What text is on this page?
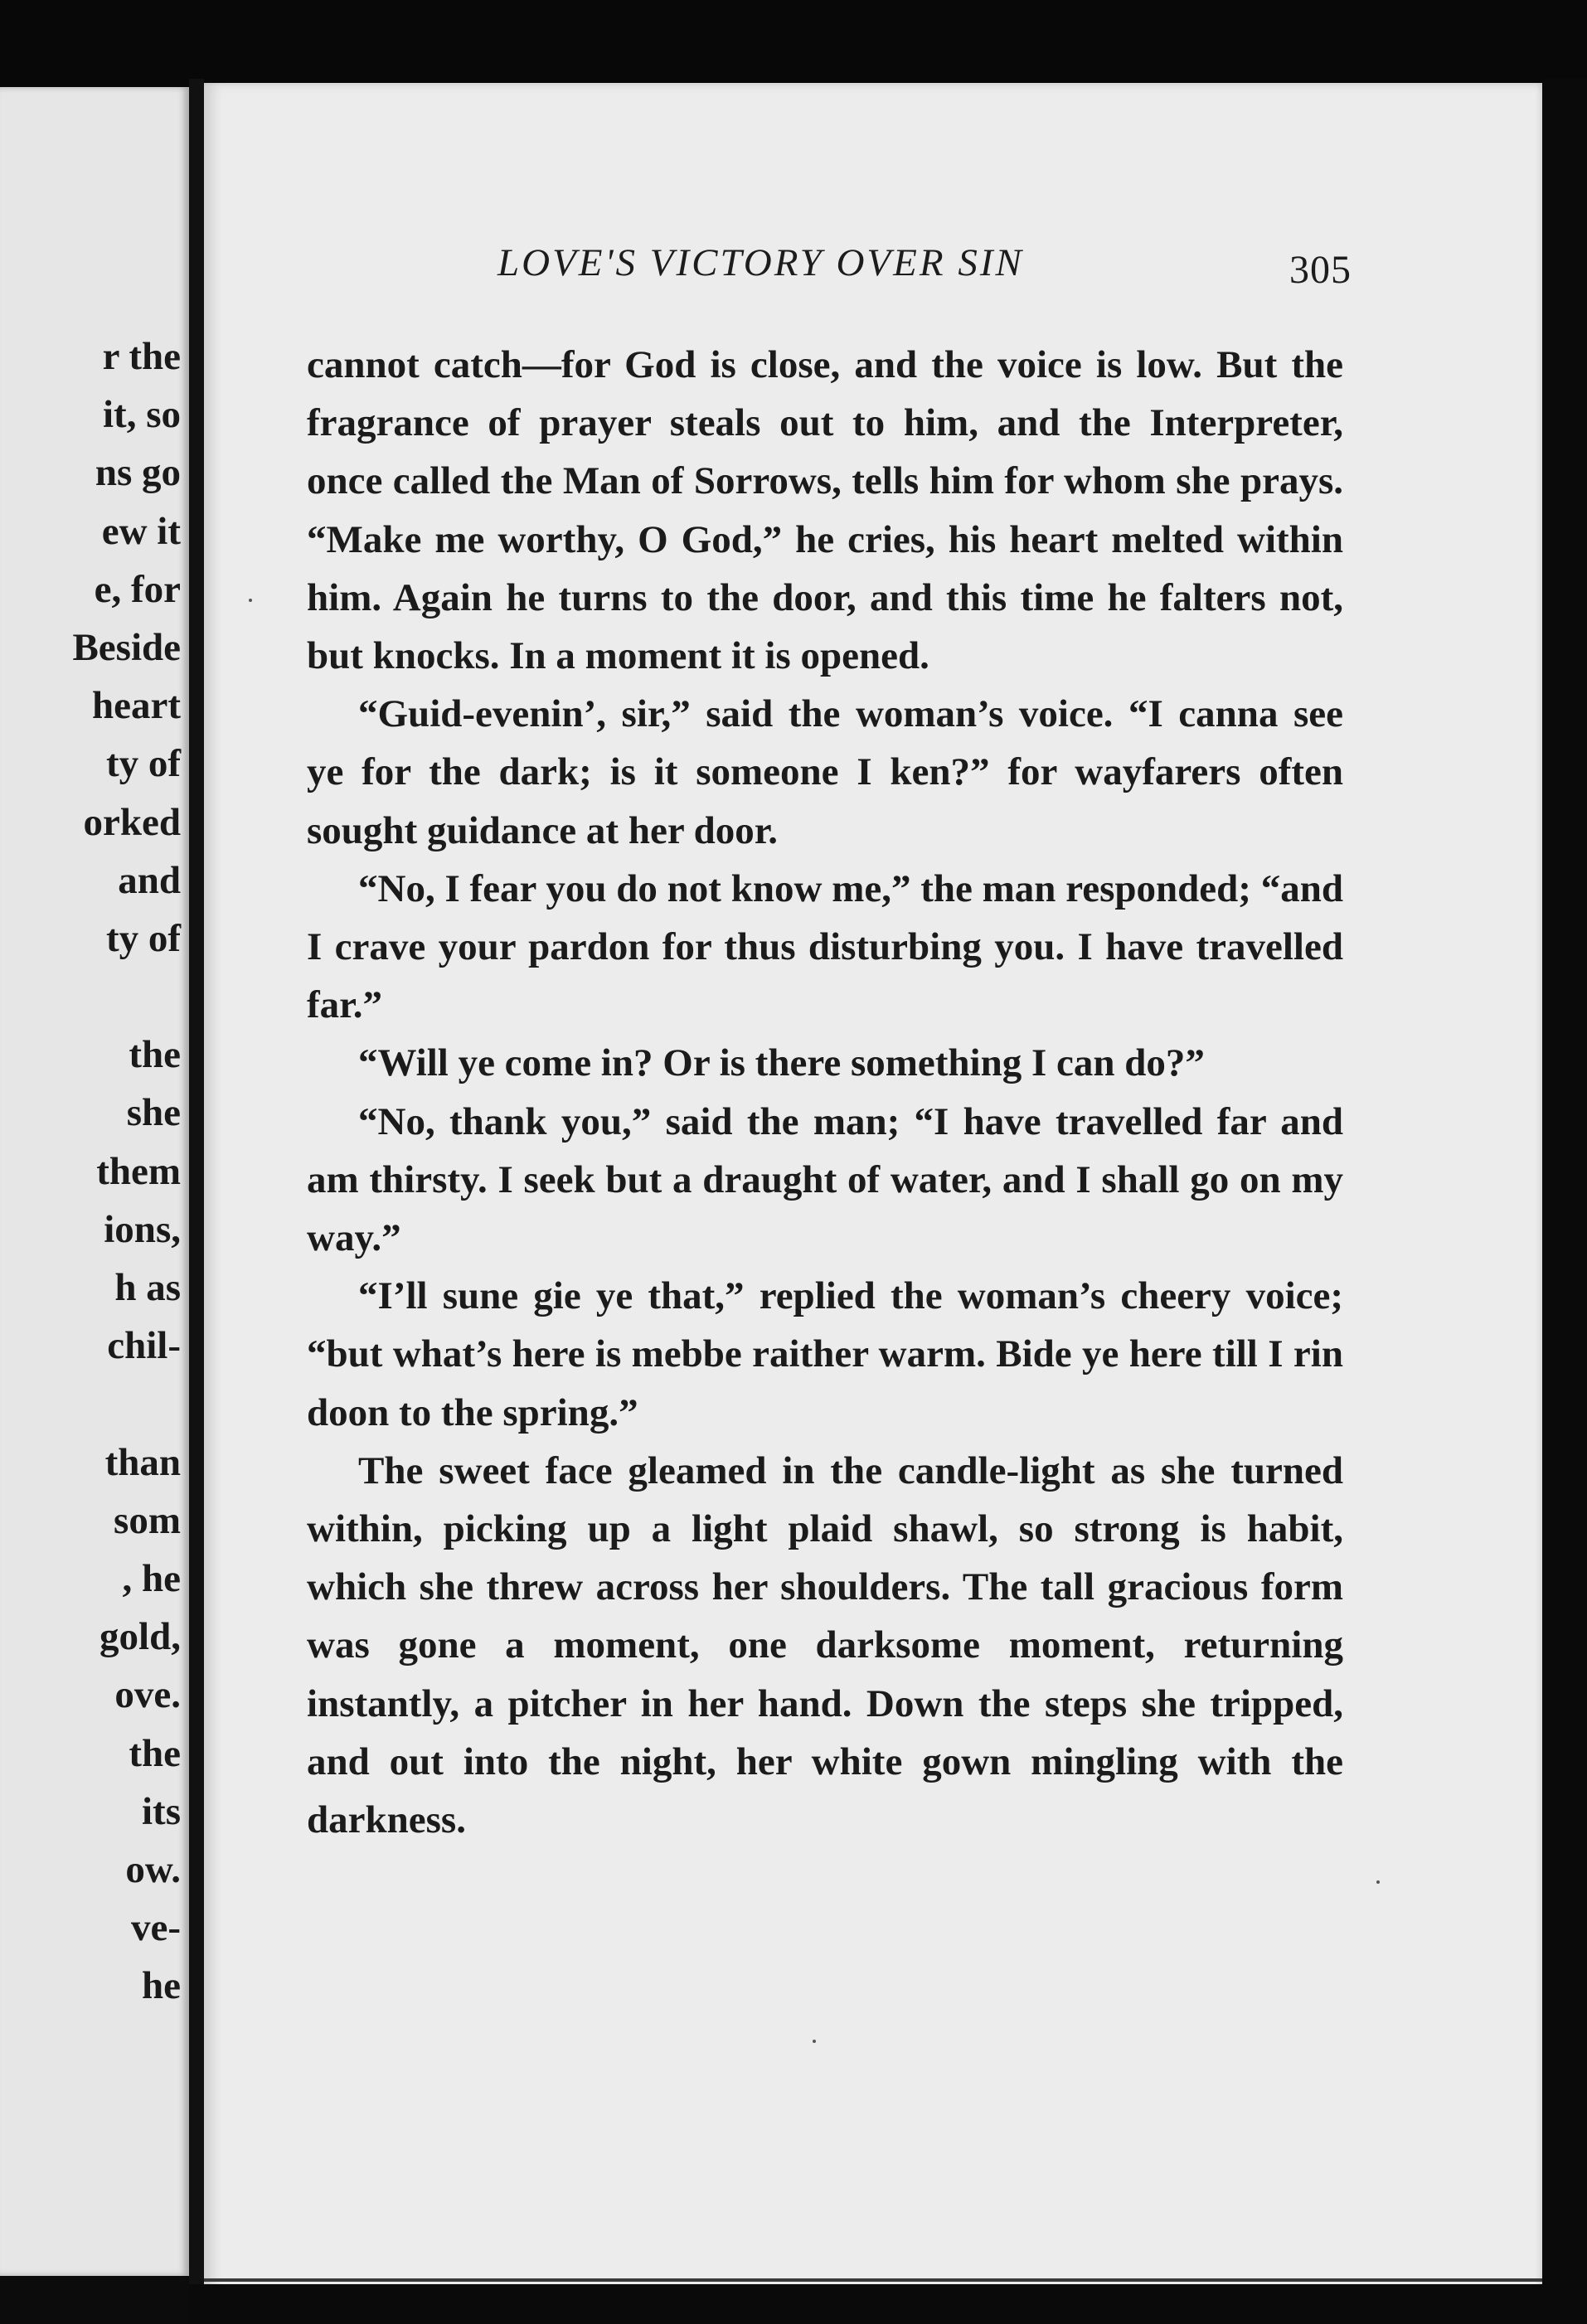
r the
it, so
ns go
ew it
e, for
Beside
heart
ty of
orked
and
ty of
the
she
them
ions,
h as
chil-
than
som
, he
gold,
ove.
the
its
ow.
ve-
he
LOVE'S VICTORY OVER SIN	305

cannot catch—for God is close, and the voice is low. But the fragrance of prayer steals out to him, and the Interpreter, once called the Man of Sorrows, tells him for whom she prays. “Make me worthy, O God,” he cries, his heart melted within him. Again he turns to the door, and this time he falters not, but knocks. In a moment it is opened.

“Guid-evenin’, sir,” said the woman’s voice. “I canna see ye for the dark; is it someone I ken?” for wayfarers often sought guidance at her door.

“No, I fear you do not know me,” the man responded; “and I crave your pardon for thus disturbing you. I have travelled far.”

“Will ye come in? Or is there something I can do?”

“No, thank you,” said the man; “I have travelled far and am thirsty. I seek but a draught of water, and I shall go on my way.”

“I’ll sune gie ye that,” replied the woman’s cheery voice; “but what’s here is mebbe raither warm. Bide ye here till I rin doon to the spring.”

The sweet face gleamed in the candle-light as she turned within, picking up a light plaid shawl, so strong is habit, which she threw across her shoulders. The tall gracious form was gone a moment, one darksome moment, returning instantly, a pitcher in her hand. Down the steps she tripped, and out into the night, her white gown mingling with the darkness.
